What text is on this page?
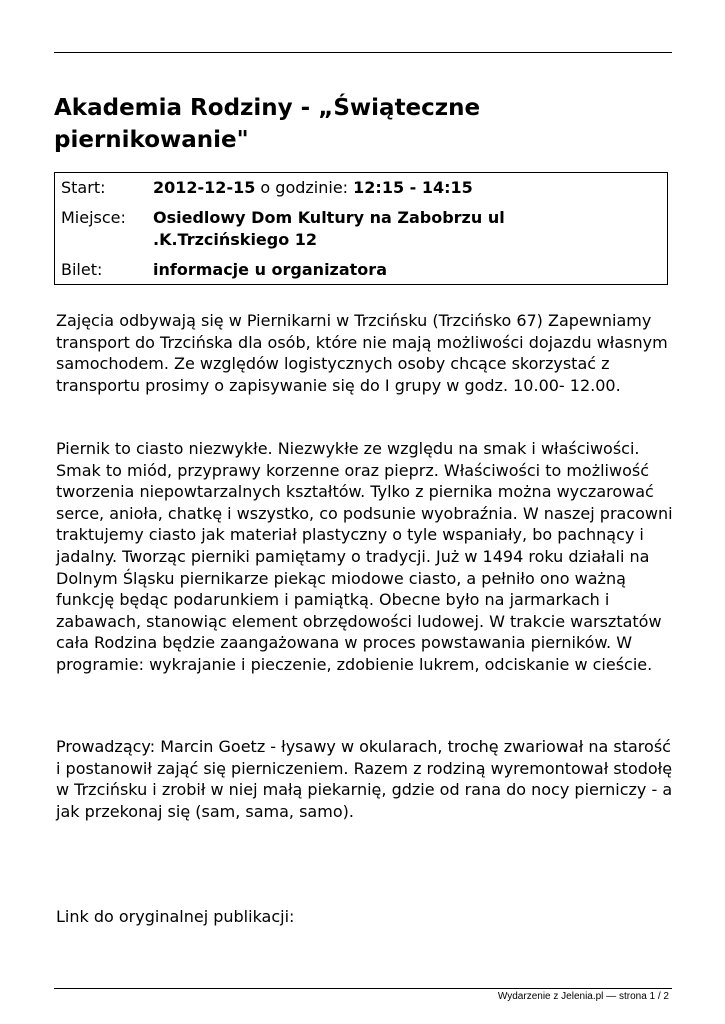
Akademia Rodziny - „Świąteczne piernikowanie"
Start:	2012-12-15 o godzinie: 12:15 - 14:15
Miejsce:	Osiedlowy Dom Kultury na Zabobrzu ul .K.Trzcińskiego 12
Bilet:	informacje u organizatora
Zajęcia odbywają się w Piernikarni w Trzcińsku (Trzcińsko 67) Zapewniamy transport do Trzcińska dla osób, które nie mają możliwości dojazdu własnym samochodem. Ze względów logistycznych osoby chcące skorzystać z transportu prosimy o zapisywanie się do I grupy w godz. 10.00- 12.00.
Piernik to ciasto niezwykłe. Niezwykłe ze względu na smak i właściwości. Smak to miód, przyprawy korzenne oraz pieprz. Właściwości to możliwość tworzenia niepowtarzalnych kształtów. Tylko z piernika można wyczarować serce, anioła, chatkę i wszystko, co podsunie wyobraźnia. W naszej pracowni traktujemy ciasto jak materiał plastyczny o tyle wspaniały, bo pachnący i jadalny. Tworząc pierniki pamiętamy o tradycji. Już w 1494 roku działali na Dolnym Śląsku piernikarze piekąc miodowe ciasto, a pełniło ono ważną funkcję będąc podarunkiem i pamiątką. Obecne było na jarmarkach i zabawach, stanowiąc element obrzędowości ludowej. W trakcie warsztatów cała Rodzina będzie zaangażowana w proces powstawania pierników. W programie: wykrajanie i pieczenie, zdobienie lukrem, odciskanie w cieście.
Prowadzący: Marcin Goetz - łysawy w okularach, trochę zwariował na starość i postanowił zająć się pierniczeniem. Razem z rodziną wyremontował stodołę w Trzcińsku i zrobił w niej małą piekarnię, gdzie od rana do nocy pierniczy - a jak przekonaj się (sam, sama, samo).
Link do oryginalnej publikacji:
Wydarzenie z Jelenia.pl — strona 1 / 2
